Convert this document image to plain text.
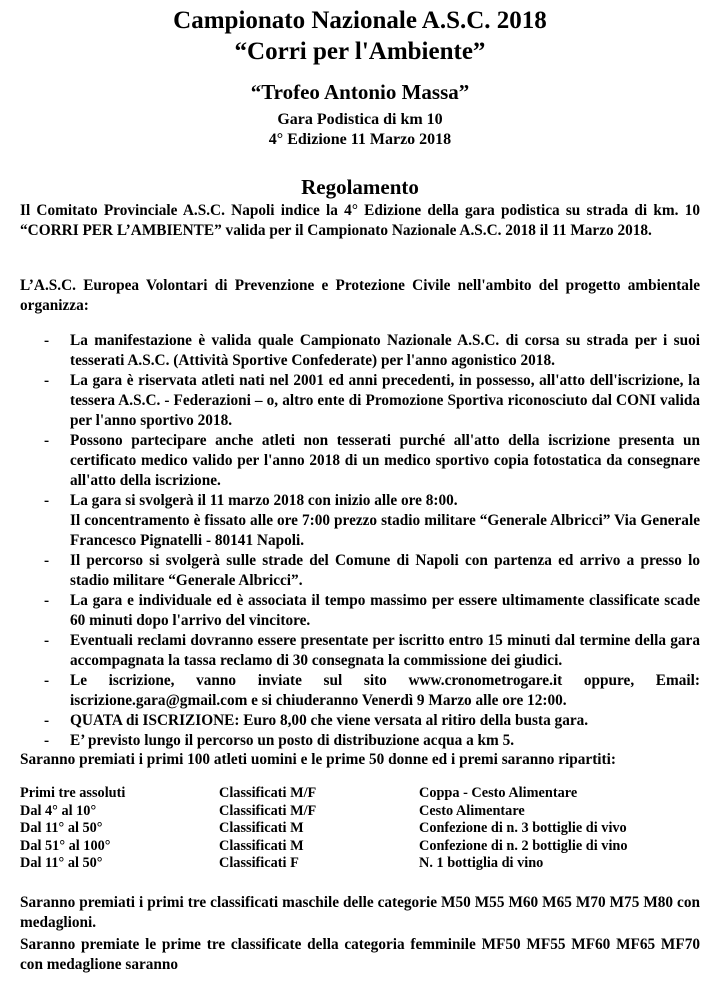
Campionato Nazionale A.S.C. 2018
“Corri per l'Ambiente”
“Trofeo Antonio Massa”
Gara Podistica di km 10
4° Edizione 11 Marzo 2018
Regolamento
Il Comitato Provinciale A.S.C. Napoli indice la 4° Edizione della gara podistica su strada di km. 10 “CORRI PER L’AMBIENTE” valida per il Campionato Nazionale A.S.C. 2018 il 11 Marzo 2018.
L’A.S.C. Europea Volontari di Prevenzione e Protezione Civile nell'ambito del progetto ambientale organizza:
- La manifestazione è valida quale Campionato Nazionale A.S.C. di corsa su strada per i suoi tesserati A.S.C. (Attività Sportive Confederate) per l'anno agonistico 2018.
- La gara è riservata atleti nati nel 2001 ed anni precedenti, in possesso, all'atto dell'iscrizione, la tessera A.S.C. - Federazioni – o, altro ente di Promozione Sportiva riconosciuto dal CONI valida per l'anno sportivo 2018.
- Possono partecipare anche atleti non tesserati purché all'atto della iscrizione presenta un certificato medico valido per l'anno 2018 di un medico sportivo copia fotostatica da consegnare all'atto della iscrizione.
- La gara si svolgerà il 11 marzo 2018 con inizio alle ore 8:00.
Il concentramento è fissato alle ore 7:00 prezzo stadio militare “Generale Albricci” Via Generale Francesco Pignatelli - 80141 Napoli.
- Il percorso si svolgerà sulle strade del Comune di Napoli con partenza ed arrivo a presso lo stadio militare “Generale Albricci”.
- La gara e individuale ed è associata il tempo massimo per essere ultimamente classificate scade 60 minuti dopo l'arrivo del vincitore.
- Eventuali reclami dovranno essere presentate per iscritto entro 15 minuti dal termine della gara accompagnata la tassa reclamo di 30 consegnata la commissione dei giudici.
- Le iscrizione, vanno inviate sul sito www.cronometrogare.it oppure, Email: iscrizione.gara@gmail.com e si chiuderanno Venerdì 9 Marzo alle ore 12:00.
- QUATA di ISCRIZIONE: Euro 8,00 che viene versata al ritiro della busta gara.
- E’ previsto lungo il percorso un posto di distribuzione acqua a km 5.
Saranno premiati i primi 100 atleti uomini e le prime 50 donne ed i premi saranno ripartiti:
Primi tre assoluti	Classificati M/F	Coppa - Cesto Alimentare
Dal 4° al 10°	Classificati M/F	Cesto Alimentare
Dal 11° al 50°	Classificati M	Confezione di n. 3 bottiglie di vivo
Dal 51° al 100°	Classificati M	Confezione di n. 2 bottiglie di vino
Dal 11° al 50°	Classificati F	N. 1 bottiglia di vino
Saranno premiati i primi tre classificati maschile delle categorie M50 M55 M60 M65 M70 M75 M80 con medaglioni.
Saranno premiate le prime tre classificate della categoria femminile MF50 MF55 MF60 MF65 MF70 con medaglione saranno
